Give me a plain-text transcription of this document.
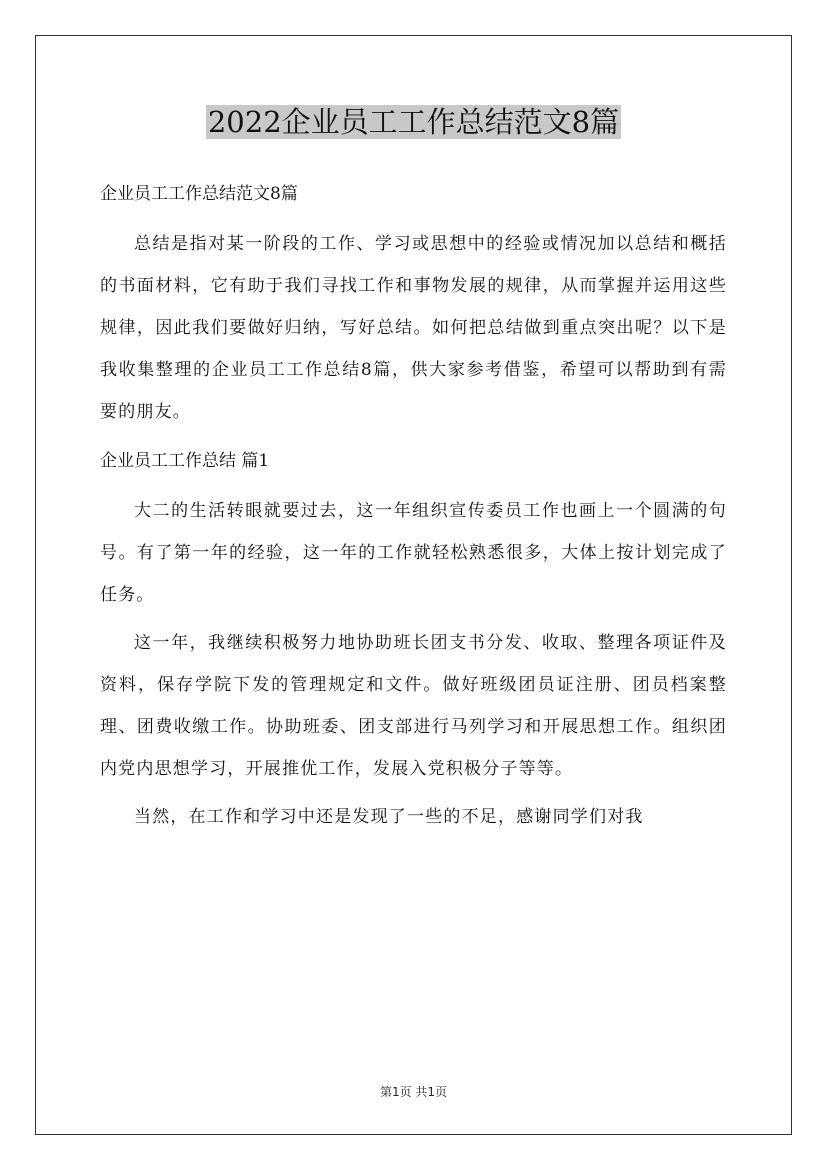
2022企业员工工作总结范文8篇
企业员工工作总结范文8篇

总结是指对某一阶段的工作、学习或思想中的经验或情况加以总结和概括的书面材料，它有助于我们寻找工作和事物发展的规律，从而掌握并运用这些规律，因此我们要做好归纳，写好总结。如何把总结做到重点突出呢？以下是我收集整理的企业员工工作总结8篇，供大家参考借鉴，希望可以帮助到有需要的朋友。

企业员工工作总结 篇1

大二的生活转眼就要过去，这一年组织宣传委员工作也画上一个圆满的句号。有了第一年的经验，这一年的工作就轻松熟悉很多，大体上按计划完成了任务。

这一年，我继续积极努力地协助班长团支书分发、收取、整理各项证件及资料，保存学院下发的管理规定和文件。做好班级团员证注册、团员档案整理、团费收缴工作。协助班委、团支部进行马列学习和开展思想工作。组织团内党内思想学习，开展推优工作，发展入党积极分子等等。

当然，在工作和学习中还是发现了一些的不足，感谢同学们对我

第1页 共1页
